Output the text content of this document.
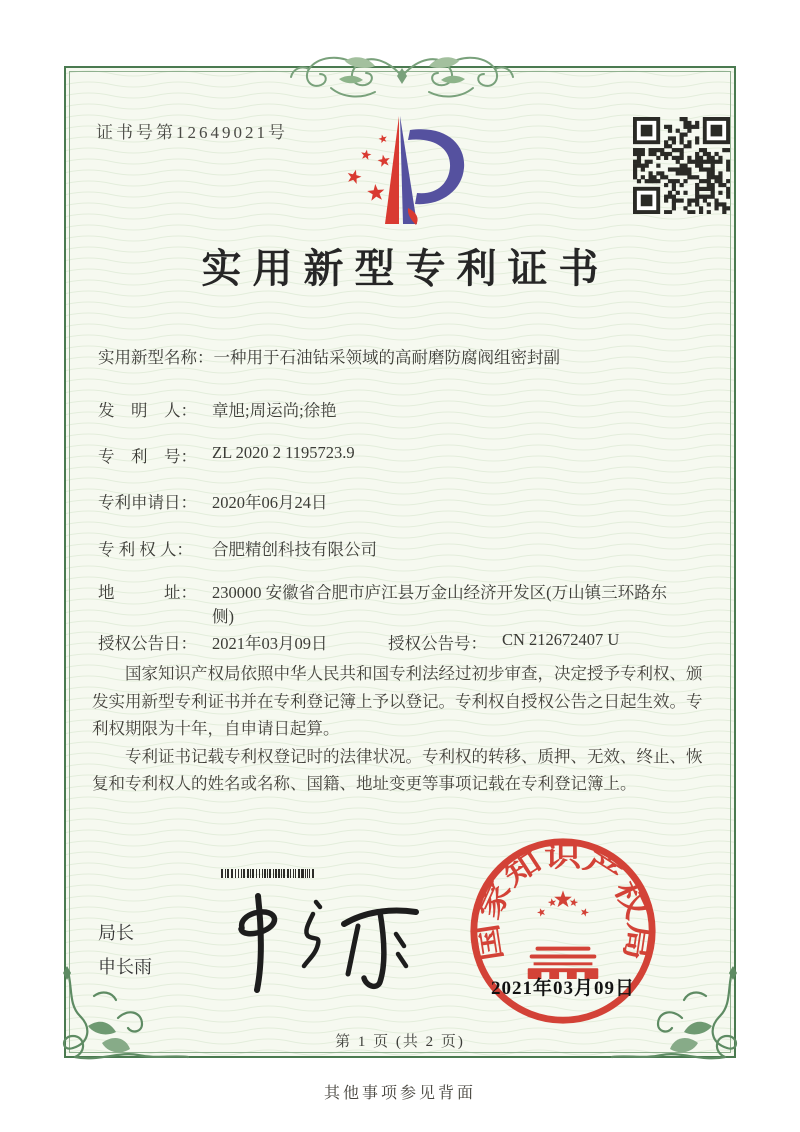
证书号第12649021号
实用新型专利证书
实用新型名称： 一种用于石油钻采领域的高耐磨防腐阀组密封副
发　明　人： 章旭;周运尚;徐艳
专　利　号： ZL 2020 2 1195723.9
专利申请日： 2020年06月24日
专 利 权 人：	合肥精创科技有限公司
地　　　址： 230000 安徽省合肥市庐江县万金山经济开发区(万山镇三环路东侧)
授权公告日： 2021年03月09日	授权公告号： CN 212672407 U

国家知识产权局依照中华人民共和国专利法经过初步审查，决定授予专利权、颁发实用新型专利证书并在专利登记簿上予以登记。专利权自授权公告之日起生效。专利权期限为十年，自申请日起算。

专利证书记载专利权登记时的法律状况。专利权的转移、质押、无效、终止、恢复和专利权人的姓名或名称、国籍、地址变更等事项记载在专利登记簿上。

局长
申长雨
国家知识产权局
2021年03月09日
第 1 页 (共 2 页)
其他事项参见背面
